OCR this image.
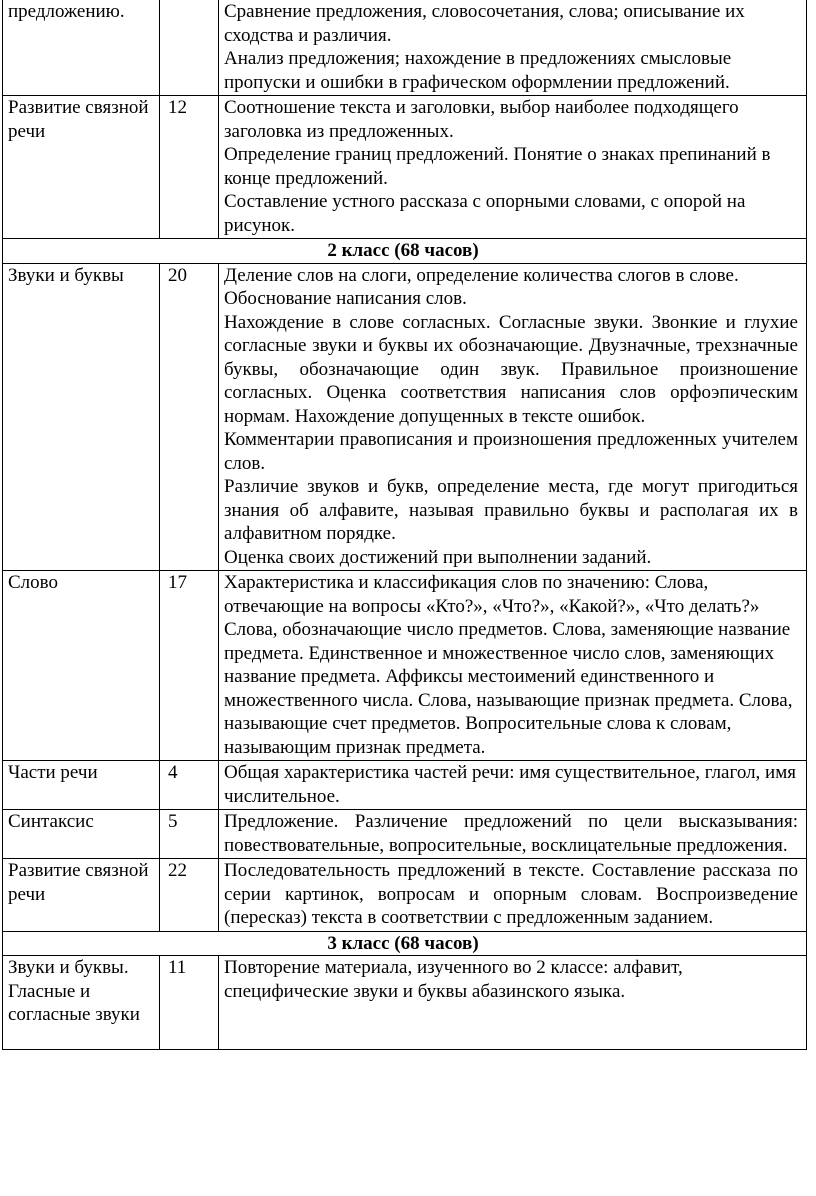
предложению.		Сравнение предложения, словосочетания, слова; описывание их сходства и различия.

Анализ предложения; нахождение в предложениях смысловые пропуски и ошибки в графическом оформлении предложений.

Развитие связной речи	12	Соотношение текста и заголовки, выбор наиболее подходящего заголовка из предложенных.

Определение границ предложений. Понятие о знаках препинаний в конце предложений.

Составление устного рассказа с опорными словами, с опорой на рисунок.

2 класс (68 часов)		
Звуки и буквы	20	Деление слов на слоги, определение количества слогов в слове. Обоснование написания слов.

Нахождение в слове согласных. Согласные звуки. Звонкие и глухие согласные звуки и буквы их обозначающие. Двузначные, трехзначные буквы, обозначающие один звук. Правильное произношение согласных. Оценка соответствия написания слов орфоэпическим нормам. Нахождение допущенных в тексте ошибок.

Комментарии правописания и произношения предложенных учителем слов.

Различие звуков и букв, определение места, где могут пригодиться знания об алфавите, называя правильно буквы и располагая их в алфавитном порядке.

Оценка своих достижений при выполнении заданий.

Слово	17	Характеристика и классификация слов по значению: Слова, отвечающие на вопросы «Кто?», «Что?», «Какой?», «Что делать?» Слова, обозначающие число предметов. Слова, заменяющие название предмета. Единственное и множественное число слов, заменяющих название предмета. Аффиксы местоимений единственного и множественного числа. Слова, называющие признак предмета. Слова, называющие счет предметов. Вопросительные слова к словам, называющим признак предмета.

Части речи	4	Общая характеристика частей речи: имя существительное, глагол, имя числительное.

Синтаксис	5	Предложение. Различение предложений по цели высказывания: повествовательные, вопросительные, восклицательные предложения.

Развитие связной речи	22	Последовательность предложений в тексте. Составление рассказа по серии картинок, вопросам и опорным словам. Воспроизведение (пересказ) текста в соответствии с предложенным заданием.

3 класс (68 часов)		
Звуки и буквы. Гласные и согласные звуки	11	Повторение материала, изученного во 2 классе: алфавит, специфические звуки и буквы абазинского языка.
